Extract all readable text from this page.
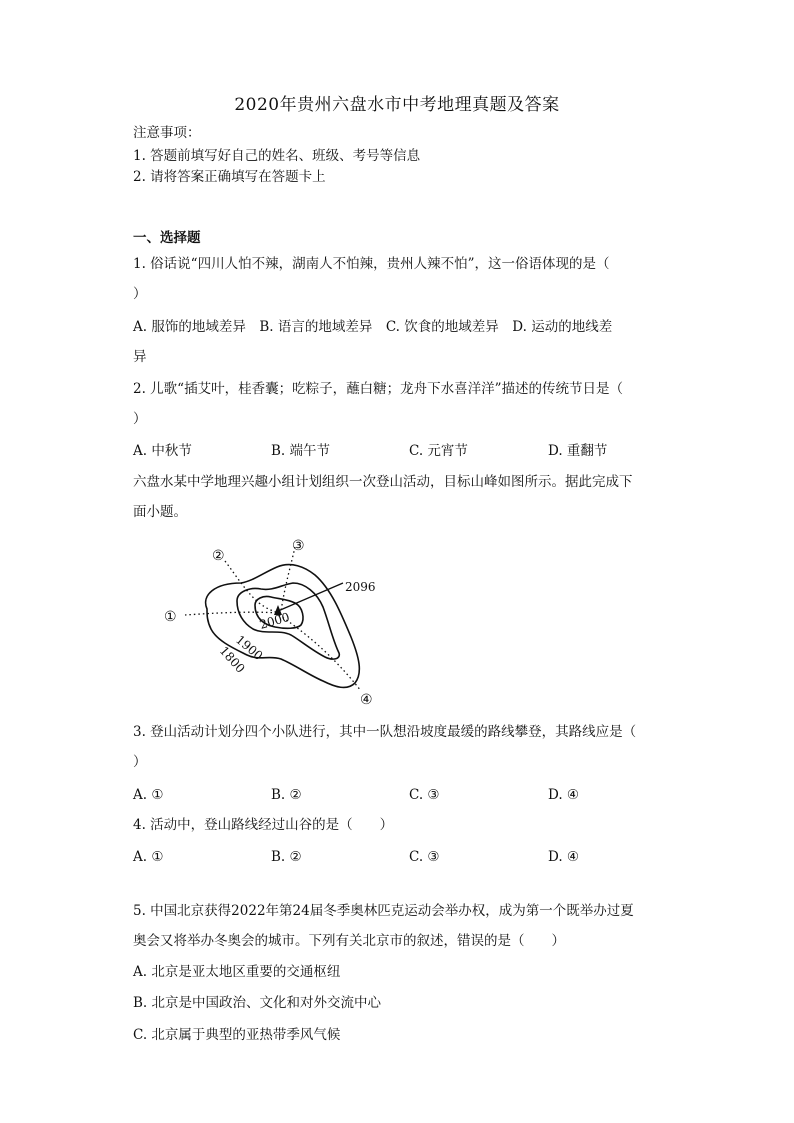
2020年贵州六盘水市中考地理真题及答案
注意事项：
1. 答题前填写好自己的姓名、班级、考号等信息
2. 请将答案正确填写在答题卡上
一、选择题
1. 俗话说“四川人怕不辣，湖南人不怕辣，贵州人辣不怕”，这一俗语体现的是（
）
A. 服饰的地域差异　B. 语言的地域差异　C. 饮食的地域差异　D. 运动的地线差
异
2. 儿歌“插艾叶，桂香囊；吃粽子，蘸白糖；龙舟下水喜洋洋”描述的传统节日是（
）
A. 中秋节	B. 端午节	C. 元宵节	D. 重翻节
六盘水某中学地理兴趣小组计划组织一次登山活动，目标山峰如图所示。据此完成下
面小题。
2096
2000
1900
1800
①
②
③
④
3. 登山活动计划分四个小队进行，其中一队想沿坡度最缓的路线攀登，其路线应是（
）
A. ①	B. ②	C. ③	D. ④
4. 活动中，登山路线经过山谷的是（　　）
A. ①	B. ②	C. ③	D. ④
5. 中国北京获得2022年第24届冬季奥林匹克运动会举办权，成为第一个既举办过夏
奥会又将举办冬奥会的城市。下列有关北京市的叙述，错误的是（　　）
A. 北京是亚太地区重要的交通枢纽
B. 北京是中国政治、文化和对外交流中心
C. 北京属于典型的亚热带季风气候
